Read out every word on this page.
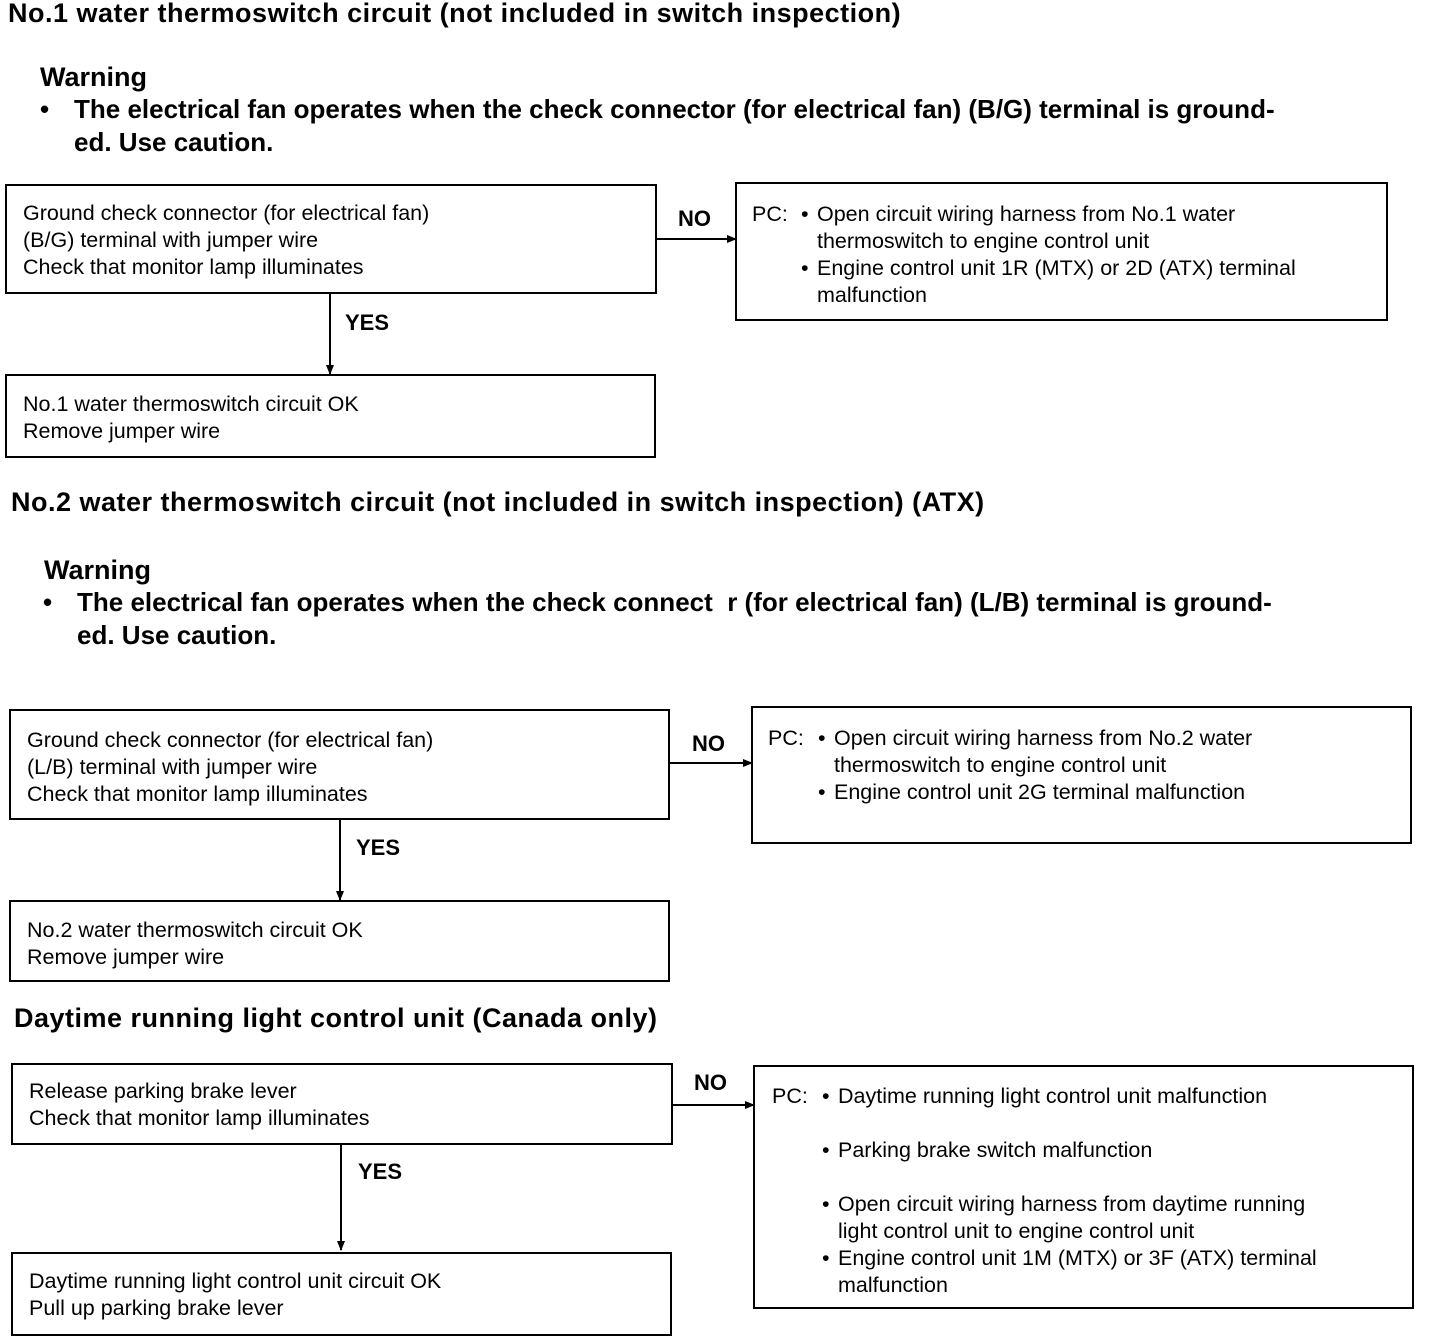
No.1 water thermoswitch circuit (not included in switch inspection)
Warning
• The electrical fan operates when the check connector (for electrical fan) (B/G) terminal is ground-
ed. Use caution.
Ground check connector (for electrical fan)
(B/G) terminal with jumper wire
Check that monitor lamp illuminates
NO
YES
No.1 water thermoswitch circuit OK
Remove jumper wire
PC: • Open circuit wiring harness from No.1 water
thermoswitch to engine control unit
• Engine control unit 1R (MTX) or 2D (ATX) terminal
malfunction
No.2 water thermoswitch circuit (not included in switch inspection) (ATX)
Warning
• The electrical fan operates when the check connect  r (for electrical fan) (L/B) terminal is ground-
ed. Use caution.
Ground check connector (for electrical fan)
(L/B) terminal with jumper wire
Check that monitor lamp illuminates
NO
YES
No.2 water thermoswitch circuit OK
Remove jumper wire
PC: • Open circuit wiring harness from No.2 water
thermoswitch to engine control unit
• Engine control unit 2G terminal malfunction
Daytime running light control unit (Canada only)
Release parking brake lever
Check that monitor lamp illuminates
NO
YES
Daytime running light control unit circuit OK
Pull up parking brake lever
PC: • Daytime running light control unit malfunction
• Parking brake switch malfunction
• Open circuit wiring harness from daytime running
light control unit to engine control unit
• Engine control unit 1M (MTX) or 3F (ATX) terminal
malfunction
